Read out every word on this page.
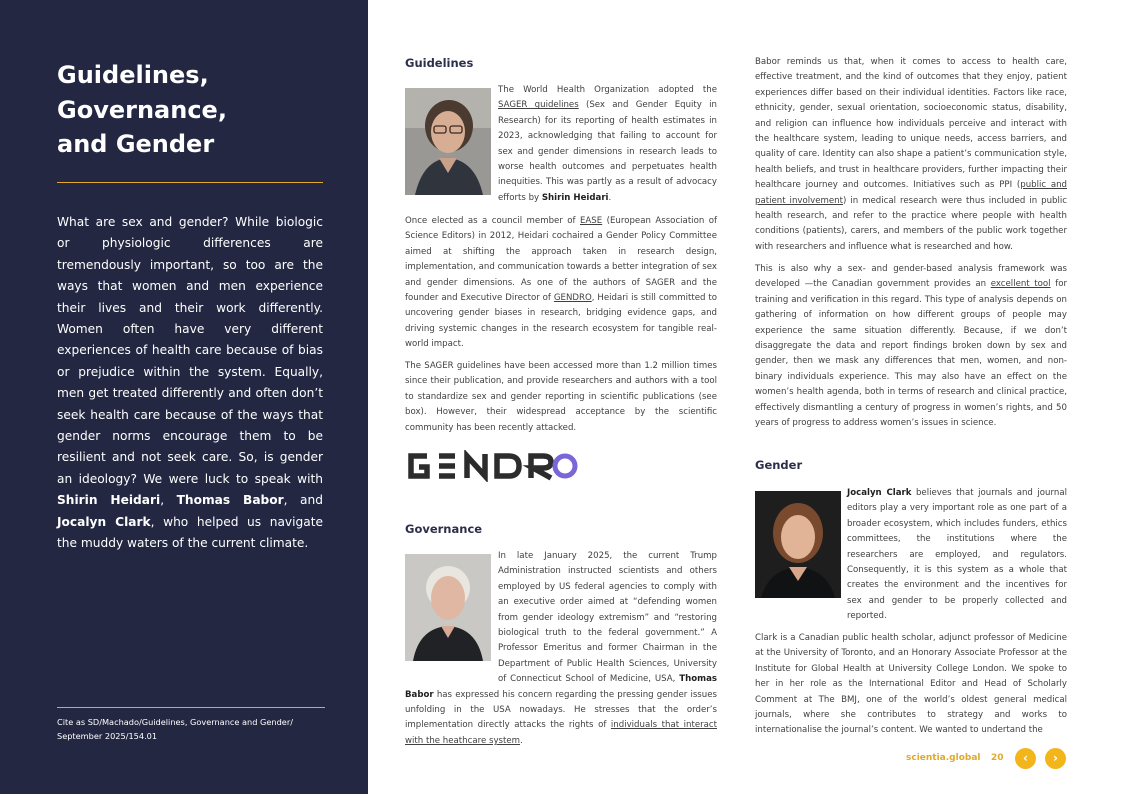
Guidelines,
Governance,
and Gender
What are sex and gender? While biologic or physiologic differences are tremendously important, so too are the ways that women and men experience their lives and their work differently. Women often have very different experiences of health care because of bias or prejudice within the system. Equally, men get treated differently and often don’t seek health care because of the ways that gender norms encourage them to be resilient and not seek care. So, is gender an ideology? We were luck to speak with Shirin Heidari, Thomas Babor, and Jocalyn Clark, who helped us navigate the muddy waters of the current climate.
Cite as SD/Machado/Guidelines, Governance and Gender/
September 2025/154.01
Guidelines
The World Health Organization adopted the SAGER guidelines (Sex and Gender Equity in Research) for its reporting of health estimates in 2023, acknowledging that failing to account for sex and gender dimensions in research leads to worse health outcomes and perpetuates health inequities. This was partly as a result of advocacy efforts by Shirin Heidari.
Once elected as a council member of EASE (European Association of Science Editors) in 2012, Heidari cochaired a Gender Policy Committee aimed at shifting the approach taken in research design, implementation, and communication towards a better integration of sex and gender dimensions. As one of the authors of SAGER and the founder and Executive Director of GENDRO, Heidari is still committed to uncovering gender biases in research, bridging evidence gaps, and driving systemic changes in the research ecosystem for tangible real-world impact.
The SAGER guidelines have been accessed more than 1.2 million times since their publication, and provide researchers and authors with a tool to standardize sex and gender reporting in scientific publications (see box). However, their widespread acceptance by the scientific community has been recently attacked.
GENDRO
Governance
In late January 2025, the current Trump Administration instructed scientists and others employed by US federal agencies to comply with an executive order aimed at “defending women from gender ideology extremism” and “restoring biological truth to the federal government.” A Professor Emeritus and former Chairman in the Department of Public Health Sciences, University of Connecticut School of Medicine, USA, Thomas Babor has expressed his concern regarding the pressing gender issues unfolding in the USA nowadays. He stresses that the order’s implementation directly attacks the rights of individuals that interact with the heathcare system.
Babor reminds us that, when it comes to access to health care, effective treatment, and the kind of outcomes that they enjoy, patient experiences differ based on their individual identities. Factors like race, ethnicity, gender, sexual orientation, socioeconomic status, disability, and religion can influence how individuals perceive and interact with the healthcare system, leading to unique needs, access barriers, and quality of care. Identity can also shape a patient’s communication style, health beliefs, and trust in healthcare providers, further impacting their healthcare journey and outcomes. Initiatives such as PPI (public and patient involvement) in medical research were thus included in public health research, and refer to the practice where people with health conditions (patients), carers, and members of the public work together with researchers and influence what is researched and how.
This is also why a sex- and gender-based analysis framework was developed —the Canadian government provides an excellent tool for training and verification in this regard. This type of analysis depends on gathering of information on how different groups of people may experience the same situation differently. Because, if we don’t disaggregate the data and report findings broken down by sex and gender, then we mask any differences that men, women, and non-binary individuals experience. This may also have an effect on the women’s health agenda, both in terms of research and clinical practice, effectively dismantling a century of progress in women’s rights, and 50 years of progress to address women’s issues in science.
Gender
Jocalyn Clark believes that journals and journal editors play a very important role as one part of a broader ecosystem, which includes funders, ethics committees, the institutions where the researchers are employed, and regulators. Consequently, it is this system as a whole that creates the environment and the incentives for sex and gender to be properly collected and reported.
Clark is a Canadian public health scholar, adjunct professor of Medicine at the University of Toronto, and an Honorary Associate Professor at the Institute for Global Health at University College London. We spoke to her in her role as the International Editor and Head of Scholarly Comment at The BMJ, one of the world’s oldest general medical journals, where she contributes to strategy and works to internationalise the journal’s content. We wanted to undertand the
scientia.global 20	‹	›
